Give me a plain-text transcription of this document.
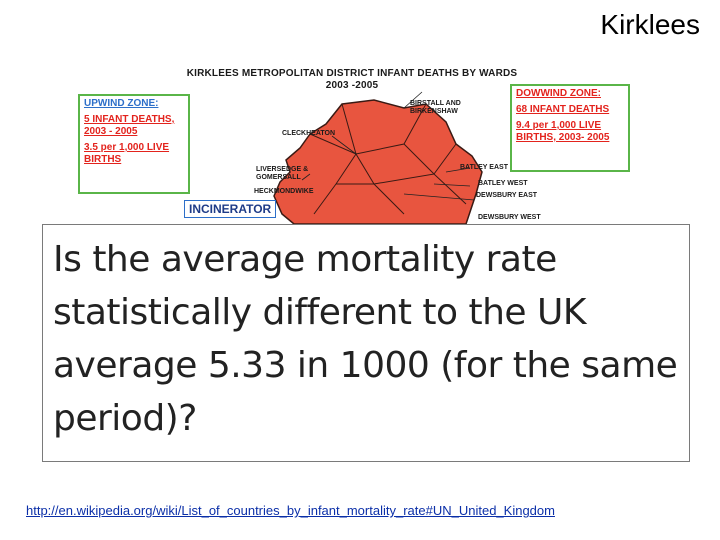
Kirklees
KIRKLEES METROPOLITAN DISTRICT INFANT DEATHS BY WARDS
2003 -2005
UPWIND ZONE:
5 INFANT DEATHS, 2003 - 2005
3.5 per 1,000 LIVE BIRTHS
DOWWIND ZONE:
68 INFANT DEATHS
9.4 per 1,000 LIVE BIRTHS, 2003- 2005
BIRSTALL AND
BIRKENSHAW
CLECKHEATON
LIVERSEDGE &
GOMERSALL
HECKMONDWIKE
BATLEY EAST
BATLEY WEST
DEWSBURY EAST
DEWSBURY WEST
INCINERATOR

Is the average mortality rate statistically different to the UK average 5.33 in 1000 (for the same period)?

http://en.wikipedia.org/wiki/List_of_countries_by_infant_mortality_rate#UN_United_Kingdom
